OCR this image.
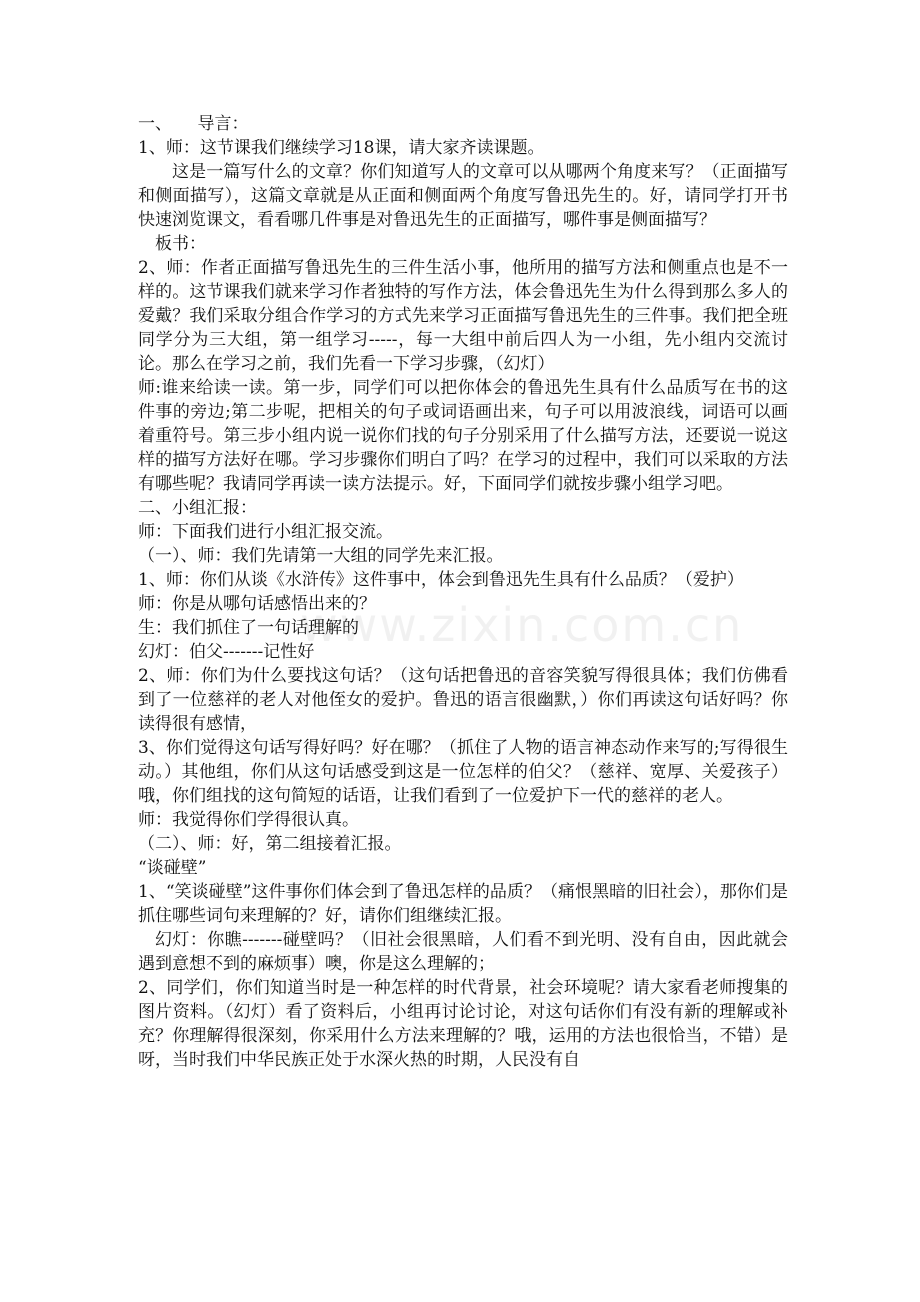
www.zixin.com.cn

一、　　导言：

1、师：这节课我们继续学习18课，请大家齐读课题。

这是一篇写什么的文章？你们知道写人的文章可以从哪两个角度来写？（正面描写和侧面描写），这篇文章就是从正面和侧面两个角度写鲁迅先生的。好，请同学打开书快速浏览课文，看看哪几件事是对鲁迅先生的正面描写，哪件事是侧面描写？

板书：

2、师：作者正面描写鲁迅先生的三件生活小事，他所用的描写方法和侧重点也是不一样的。这节课我们就来学习作者独特的写作方法，体会鲁迅先生为什么得到那么多人的爱戴？我们采取分组合作学习的方式先来学习正面描写鲁迅先生的三件事。我们把全班同学分为三大组，第一组学习-----，每一大组中前后四人为一小组，先小组内交流讨论。那么在学习之前，我们先看一下学习步骤，（幻灯）

师:谁来给读一读。第一步，同学们可以把你体会的鲁迅先生具有什么品质写在书的这件事的旁边;第二步呢，把相关的句子或词语画出来，句子可以用波浪线，词语可以画着重符号。第三步小组内说一说你们找的句子分别采用了什么描写方法，还要说一说这样的描写方法好在哪。学习步骤你们明白了吗？在学习的过程中，我们可以采取的方法有哪些呢？我请同学再读一读方法提示。好，下面同学们就按步骤小组学习吧。

二、小组汇报：

师：下面我们进行小组汇报交流。

（一）、师：我们先请第一大组的同学先来汇报。

1、师：你们从谈《水浒传》这件事中，体会到鲁迅先生具有什么品质？（爱护）

师：你是从哪句话感悟出来的？

生：我们抓住了一句话理解的

幻灯：伯父-------记性好

2、师：你们为什么要找这句话？（这句话把鲁迅的音容笑貌写得很具体；我们仿佛看到了一位慈祥的老人对他侄女的爱护。鲁迅的语言很幽默，）你们再读这句话好吗？你读得很有感情，

3、你们觉得这句话写得好吗？好在哪？（抓住了人物的语言神态动作来写的;写得很生动。）其他组，你们从这句话感受到这是一位怎样的伯父？（慈祥、宽厚、关爱孩子）哦，你们组找的这句简短的话语，让我们看到了一位爱护下一代的慈祥的老人。

师：我觉得你们学得很认真。

（二）、师：好，第二组接着汇报。

“谈碰壁”

1、“笑谈碰壁”这件事你们体会到了鲁迅怎样的品质？（痛恨黑暗的旧社会），那你们是抓住哪些词句来理解的？好，请你们组继续汇报。

幻灯：你瞧-------碰壁吗？（旧社会很黑暗，人们看不到光明、没有自由，因此就会遇到意想不到的麻烦事）噢，你是这么理解的；

2、同学们，你们知道当时是一种怎样的时代背景，社会环境呢？请大家看老师搜集的图片资料。（幻灯）看了资料后，小组再讨论讨论，对这句话你们有没有新的理解或补充？你理解得很深刻，你采用什么方法来理解的？哦，运用的方法也很恰当，不错）是呀，当时我们中华民族正处于水深火热的时期，人民没有自
